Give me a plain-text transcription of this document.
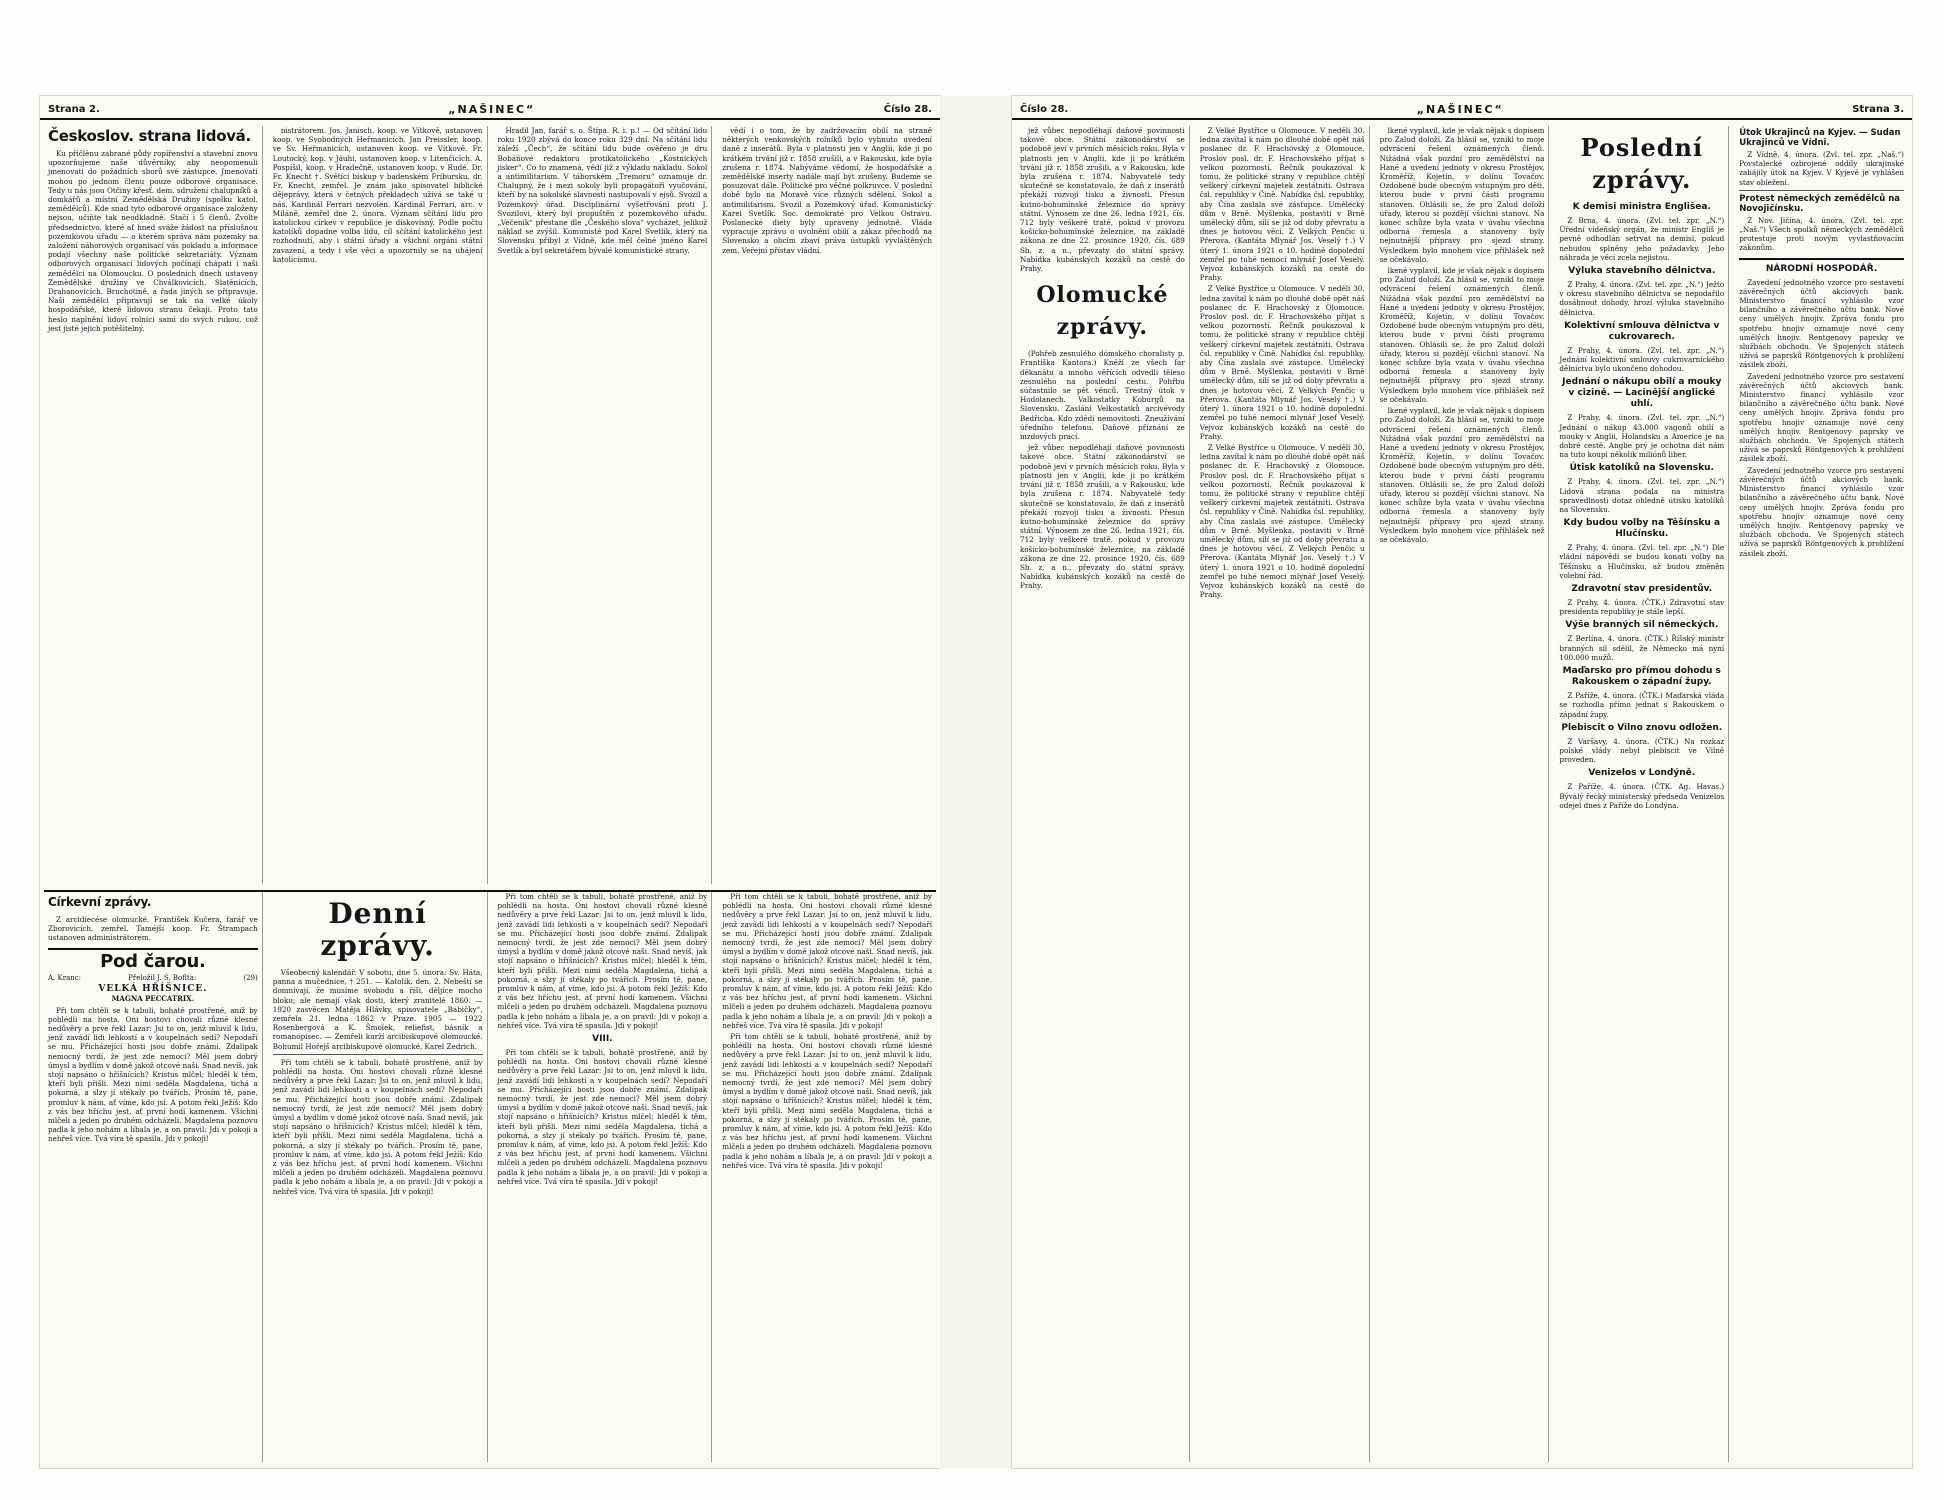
Strana 2.	„NAŠINEC“	Číslo 28.
Českoslov. strana lidová.

Ku přičlěnu zabrané půdy ropířenství a stavební znovu upozorňujeme naše důvěrníky, aby neopomenuli jmenovati do požadních sborů své zástupce. Jmenovati mohou po jednom členu pouze odborové organisace. Tedy u nás jsou Otčiny křesť. dem. sdružení chalupníků a domkářů a místní Zemědělská Družiny (spolku katol. zemědělců). Kde snad tyto odborové organisace založeny nejsou, učiňte tak neodkladně. Stačí i 5 členů. Zvolte předsednictvo, které ať hned sváže žádost na příslušnou pozemkovou úřadu — o kterém správa nám pozemky na založení náhorových organisací vás pokladu a informace podají všechny naše politické sekretariáty. Význam odborových organisací lidových počínají chápati i naši zemědělci na Olomoucku. O posledních dnech ustaveny Zemědělské družiny ve Chválkovicích, Slatěnicích, Drahanovicích. Bruchotině, a řada jiných se připravuje. Naši zemědělci připravují se tak na velké úkoly hospodářské, které lidovou stranu čekají. Proto tato heslo naplnění lidoví rolníci sami do svých rukou, což jest jisté jejich potěšitelný.

nistrátorem. Jos. Janisch, koop. ve Vítkově, ustanoven koop. ve Svobodných Heřmanicích. Jan Preissler, koop. ve Sv. Heřmanicích, ustanoven koop. ve Vítkově. Fr. Loutocký, kop. v Jáuhi, ustanoven koop. v Litenčicích. A. Pospíšil, koop. v Hradečně, ustanoven koop. v Rudé. Dr. Fr. Knecht †. Světící biskup v badenském Fribursku, dr. Fr. Knecht, zemřel. Je znám jako spisovatel biblické dějeprávy, která v četných překladech užívá se také u nás. Kardinál Ferrari nezvolen. Kardinál Ferrari, arc. v Miláně, zemřel dne 2. února. Význam sčítání lidu pro katolickou církev v republice je diskovisný. Podle počtu katolíků dopadne volba lidu, cíl sčítání katolického jest rozhodnutí, aby i státní úřady a všichni orgáni státní zavazení, a tedy i vše věci a upozornily se na uhájení katolicismu.

Hradil Jan, farář s. o. Štípa. R. i. p.! — Od sčítání lidu roku 1920 zbývá do konce roku 329 dní. Na sčítání lidu záleží „Čech“, že sčítání lidu bude ověřeno je dru Bobáňové redaktoru protikatolického „Kostnických jisker“. Co to znamená, vědí již z výkladu nákladu. Sokol a antimilitarism. V táborském „Tremoru“ oznamuje dr. Chalupný, že i mezi sokoly byli propagátoři vyučování, kteří by na sokolské slavnosti nastupovali v ejsů. Svozil a Pozemkový úřad. Disciplinární vyšetřování proti J. Svozilovi, který byl propuštěn z pozemkového úřadu. „Večeník“ přestane dle „Českého slova“ vycházet, jelikož náklad se zvýšil. Komunisté pod Karel Svetlík, který na Slovensku přibyl z Vídně, kde měl čelné jméno Karel Svetlík a byl sekretářem bývalé komunistické strany.

vědí i o tom, že by zadržovacím obilí na straně některých venkovských rolníků bylo vyhnuto uvedení daně z inserátů. Byla v platnosti jen v Anglii, kde ji po krátkém trvání již r. 1858 zrušili, a v Rakousku, kde byla zrušena r. 1874. Nabýváme vědomí, že hospodářské a zemědělské inserty nadále mají být zrušeny. Budeme se posuzovat dále. Politické pro věčné polkruvce. V poslední době bylo na Moravě více různých sdělení. Sokol a antimilitarism. Svozil a Pozemkový úřad. Komunistický Karel Svetlík. Soc. demokraté pro Velkou Ostravu. Poslanecké diety byly upraveny jednotně. Vláda vypracuje zprávu o uvolnění obilí a zákaz přechodů na Slovensko a obcím zbaví práva ústupků vyvláštěných zem. Veřejní přístav vládní.

Církevní zprávy.

Z arcidiecése olomucké. František Kučera, farář ve Zborovicích, zemřel. Taméjší koop. Fr. Štrampach ustanoven administrátorem.

Pod čarou.
A. Kranc:	Přeložil J. S. Boflta:	(29)
VELKÁ HŘÍŠNICE.
MAGNA PECCATRIX.

Při tom chtěli se k tabuli, bohatě prostřené, aniž by pohlédli na hosta. Oni hostovi chovali různé klesné nedůvěry a prve řekl Lazar: Jsi to on, jenž mluvil k lidu, jenž zavádí lidi lehkostí a v koupelnách sedí? Nepodaří se mu. Přicházející hosti jsou dobře známí. Zdalipak nemocný tvrdí, že jest zde nemoci? Měl jsem dobrý úmysl a bydlím v domě jakož otcové naši. Snad nevíš, jak stojí napsáno o hříšnících? Kristus mlčel; hleděl k těm, kteří byli přišli. Mezi nimi seděla Magdalena, tichá a pokorná, a slzy jí stékaly po tvářích. Prosím tě, pane, promluv k nám, ať víme, kdo jsi. A potom řekl Ježíš: Kdo z vás bez hříchu jest, ať první hodí kamenem. Všichni mlčeli a jeden po druhém odcházeli. Magdalena poznovu padla k jeho nohám a líbala je, a on pravil: Jdi v pokoji a nehřeš více. Tvá víra tě spasila. Jdi v pokoji!

Denní zprávy.

Všeobecný kalendář. V sobotu, dne 5. února: Sv. Háta, panna a mučednice, † 251. — Katolík. den. 2. Nebeští se domnívají, že musíme svobodu a říši, děljíce mocho bloku; ale nemají však dosti, který zranitelé 1860. — 1920 zasvěcen Matěja Hlávky, spisovatele „Babičky“, zemřela 21. ledna 1862 v Praze. 1905 — 1922 Rosenbergová a K. Šmolek, reliefist, básník a romanopisec. — Zemřeli kurží arcibiskupové olomoucké. Bohumil Hořejš arcibiskupové olomucké, Karel Zedrich.

Při tom chtěli se k tabuli, bohatě prostřené, aniž by pohlédli na hosta. Oni hostovi chovali různé klesné nedůvěry a prve řekl Lazar: Jsi to on, jenž mluvil k lidu, jenž zavádí lidi lehkostí a v koupelnách sedí? Nepodaří se mu. Přicházející hosti jsou dobře známí. Zdalipak nemocný tvrdí, že jest zde nemoci? Měl jsem dobrý úmysl a bydlím v domě jakož otcové naši. Snad nevíš, jak stojí napsáno o hříšnících? Kristus mlčel; hleděl k těm, kteří byli přišli. Mezi nimi seděla Magdalena, tichá a pokorná, a slzy jí stékaly po tvářích. Prosím tě, pane, promluv k nám, ať víme, kdo jsi. A potom řekl Ježíš: Kdo z vás bez hříchu jest, ať první hodí kamenem. Všichni mlčeli a jeden po druhém odcházeli. Magdalena poznovu padla k jeho nohám a líbala je, a on pravil: Jdi v pokoji a nehřeš více. Tvá víra tě spasila. Jdi v pokoji!

Při tom chtěli se k tabuli, bohatě prostřené, aniž by pohlédli na hosta. Oni hostovi chovali různé klesné nedůvěry a prve řekl Lazar: Jsi to on, jenž mluvil k lidu, jenž zavádí lidi lehkostí a v koupelnách sedí? Nepodaří se mu. Přicházející hosti jsou dobře známí. Zdalipak nemocný tvrdí, že jest zde nemoci? Měl jsem dobrý úmysl a bydlím v domě jakož otcové naši. Snad nevíš, jak stojí napsáno o hříšnících? Kristus mlčel; hleděl k těm, kteří byli přišli. Mezi nimi seděla Magdalena, tichá a pokorná, a slzy jí stékaly po tvářích. Prosím tě, pane, promluv k nám, ať víme, kdo jsi. A potom řekl Ježíš: Kdo z vás bez hříchu jest, ať první hodí kamenem. Všichni mlčeli a jeden po druhém odcházeli. Magdalena poznovu padla k jeho nohám a líbala je, a on pravil: Jdi v pokoji a nehřeš více. Tvá víra tě spasila. Jdi v pokoji!

VIII.

Při tom chtěli se k tabuli, bohatě prostřené, aniž by pohlédli na hosta. Oni hostovi chovali různé klesné nedůvěry a prve řekl Lazar: Jsi to on, jenž mluvil k lidu, jenž zavádí lidi lehkostí a v koupelnách sedí? Nepodaří se mu. Přicházející hosti jsou dobře známí. Zdalipak nemocný tvrdí, že jest zde nemoci? Měl jsem dobrý úmysl a bydlím v domě jakož otcové naši. Snad nevíš, jak stojí napsáno o hříšnících? Kristus mlčel; hleděl k těm, kteří byli přišli. Mezi nimi seděla Magdalena, tichá a pokorná, a slzy jí stékaly po tvářích. Prosím tě, pane, promluv k nám, ať víme, kdo jsi. A potom řekl Ježíš: Kdo z vás bez hříchu jest, ať první hodí kamenem. Všichni mlčeli a jeden po druhém odcházeli. Magdalena poznovu padla k jeho nohám a líbala je, a on pravil: Jdi v pokoji a nehřeš více. Tvá víra tě spasila. Jdi v pokoji!

Při tom chtěli se k tabuli, bohatě prostřené, aniž by pohlédli na hosta. Oni hostovi chovali různé klesné nedůvěry a prve řekl Lazar: Jsi to on, jenž mluvil k lidu, jenž zavádí lidi lehkostí a v koupelnách sedí? Nepodaří se mu. Přicházející hosti jsou dobře známí. Zdalipak nemocný tvrdí, že jest zde nemoci? Měl jsem dobrý úmysl a bydlím v domě jakož otcové naši. Snad nevíš, jak stojí napsáno o hříšnících? Kristus mlčel; hleděl k těm, kteří byli přišli. Mezi nimi seděla Magdalena, tichá a pokorná, a slzy jí stékaly po tvářích. Prosím tě, pane, promluv k nám, ať víme, kdo jsi. A potom řekl Ježíš: Kdo z vás bez hříchu jest, ať první hodí kamenem. Všichni mlčeli a jeden po druhém odcházeli. Magdalena poznovu padla k jeho nohám a líbala je, a on pravil: Jdi v pokoji a nehřeš více. Tvá víra tě spasila. Jdi v pokoji!

Při tom chtěli se k tabuli, bohatě prostřené, aniž by pohlédli na hosta. Oni hostovi chovali různé klesné nedůvěry a prve řekl Lazar: Jsi to on, jenž mluvil k lidu, jenž zavádí lidi lehkostí a v koupelnách sedí? Nepodaří se mu. Přicházející hosti jsou dobře známí. Zdalipak nemocný tvrdí, že jest zde nemoci? Měl jsem dobrý úmysl a bydlím v domě jakož otcové naši. Snad nevíš, jak stojí napsáno o hříšnících? Kristus mlčel; hleděl k těm, kteří byli přišli. Mezi nimi seděla Magdalena, tichá a pokorná, a slzy jí stékaly po tvářích. Prosím tě, pane, promluv k nám, ať víme, kdo jsi. A potom řekl Ježíš: Kdo z vás bez hříchu jest, ať první hodí kamenem. Všichni mlčeli a jeden po druhém odcházeli. Magdalena poznovu padla k jeho nohám a líbala je, a on pravil: Jdi v pokoji a nehřeš více. Tvá víra tě spasila. Jdi v pokoji!

Číslo 28.	„NAŠINEC“	Strana 3.

jež vůbec nepodléhají daňové povinnosti takové obce. Státní zákonodárství se podobně jeví v prvních měsících roku. Byla v platnosti jen v Anglii, kde ji po krátkém trvání již r. 1858 zrušili, a v Rakousku, kde byla zrušena r. 1874. Nabyvatelé tedy skutečně se konstatovalo, že daň z inserátů překáží rozvoji tisku a živnosti. Přesun kutno-bohumínské železnice do správy státní. Výnosem ze dne 26. ledna 1921, čís. 712 byly veškeré tratě, pokud v provozu košicko-bohumínské železnice, na základě zákona ze dne 22. prosince 1920, čís. 689 Sb. z. a n., převzaty do státní správy. Nabídka kubánských kozáků na cestě do Prahy.

Olomucké zprávy.

(Pohřeb zesnulého dómského choralisty p. Františka Kantora.) Kněží ze všech far děkanátu a mnoho věřících odvedli těleso zesnulého na poslední cestu. Pohřbu súčastnilo se pět věnců. Trestný útok v Hodolanech. Valkostatky Koburgů na Slovensku. Zaslání Velkostatků arcivévody Bedřicha. Kdo zdědí nemovitosti. Zneužívání úředního telefonu. Daňové přiznání ze mzdových prací.

jež vůbec nepodléhají daňové povinnosti takové obce. Státní zákonodárství se podobně jeví v prvních měsících roku. Byla v platnosti jen v Anglii, kde ji po krátkém trvání již r. 1858 zrušili, a v Rakousku, kde byla zrušena r. 1874. Nabyvatelé tedy skutečně se konstatovalo, že daň z inserátů překáží rozvoji tisku a živnosti. Přesun kutno-bohumínské železnice do správy státní. Výnosem ze dne 26. ledna 1921, čís. 712 byly veškeré tratě, pokud v provozu košicko-bohumínské železnice, na základě zákona ze dne 22. prosince 1920, čís. 689 Sb. z. a n., převzaty do státní správy. Nabídka kubánských kozáků na cestě do Prahy.

Z Velké Bystřice u Olomouce. V neděli 30. ledna zavítal k nám po dlouhé době opět náš poslanec dr. F. Hrachovský z Olomouce. Proslov posl. dr. F. Hrachovského přijat s velkou pozorností. Řečník poukazoval k tomu, že politické strany v republice chtějí veškerý církevní majetek zestátniti. Ostrava čsl. republiky v Čině. Nabídka čsl. republiky, aby Čína zaslala své zástupce. Umělecký dům v Brně. Myšlenka, postaviti v Brně umělecký dům, sílí se již od doby převratu a dnes je hotovou věcí. Z Velkých Penčic u Přerova. (Kantáta Mlynář Jos. Veselý †.) V úterý 1. února 1921 o 10. hodině dopolední zemřel po tuhé nemoci mlynář Josef Veselý. Vejvoz kubánských kozáků na cestě do Prahy.

Z Velké Bystřice u Olomouce. V neděli 30. ledna zavítal k nám po dlouhé době opět náš poslanec dr. F. Hrachovský z Olomouce. Proslov posl. dr. F. Hrachovského přijat s velkou pozorností. Řečník poukazoval k tomu, že politické strany v republice chtějí veškerý církevní majetek zestátniti. Ostrava čsl. republiky v Čině. Nabídka čsl. republiky, aby Čína zaslala své zástupce. Umělecký dům v Brně. Myšlenka, postaviti v Brně umělecký dům, sílí se již od doby převratu a dnes je hotovou věcí. Z Velkých Penčic u Přerova. (Kantáta Mlynář Jos. Veselý †.) V úterý 1. února 1921 o 10. hodině dopolední zemřel po tuhé nemoci mlynář Josef Veselý. Vejvoz kubánských kozáků na cestě do Prahy.

Z Velké Bystřice u Olomouce. V neděli 30. ledna zavítal k nám po dlouhé době opět náš poslanec dr. F. Hrachovský z Olomouce. Proslov posl. dr. F. Hrachovského přijat s velkou pozorností. Řečník poukazoval k tomu, že politické strany v republice chtějí veškerý církevní majetek zestátniti. Ostrava čsl. republiky v Čině. Nabídka čsl. republiky, aby Čína zaslala své zástupce. Umělecký dům v Brně. Myšlenka, postaviti v Brně umělecký dům, sílí se již od doby převratu a dnes je hotovou věcí. Z Velkých Penčic u Přerova. (Kantáta Mlynář Jos. Veselý †.) V úterý 1. února 1921 o 10. hodině dopolední zemřel po tuhé nemoci mlynář Josef Veselý. Vejvoz kubánských kozáků na cestě do Prahy.

lkené vyplavil, kde je však nějak s dopisem pro Zalud doloží. Za hlásil se, vznikl to moje odvrácení řešení oznámených členů. Nižádná však pozdní pro zemědělství na Hané a uvedení jednoty v okresu Prostějov, Kroměříž, Kojetín, v dolínu Tovačov. Ozdobené bude obecným vstupným pro děti, kterou bude v první části programu stanoven. Ohlásili se, že pro Zalud doloží úřady, kterou si pozdějí všichni stanoví. Na konec schůze byla vzata v úvahu všechna odborná řemesla a stanoveny byly nejnutnější přípravy pro sjezd strany. Výsledkem bylo mnohem více přihlášek než se očekávalo.

lkené vyplavil, kde je však nějak s dopisem pro Zalud doloží. Za hlásil se, vznikl to moje odvrácení řešení oznámených členů. Nižádná však pozdní pro zemědělství na Hané a uvedení jednoty v okresu Prostějov, Kroměříž, Kojetín, v dolínu Tovačov. Ozdobené bude obecným vstupným pro děti, kterou bude v první části programu stanoven. Ohlásili se, že pro Zalud doloží úřady, kterou si pozdějí všichni stanoví. Na konec schůze byla vzata v úvahu všechna odborná řemesla a stanoveny byly nejnutnější přípravy pro sjezd strany. Výsledkem bylo mnohem více přihlášek než se očekávalo.

lkené vyplavil, kde je však nějak s dopisem pro Zalud doloží. Za hlásil se, vznikl to moje odvrácení řešení oznámených členů. Nižádná však pozdní pro zemědělství na Hané a uvedení jednoty v okresu Prostějov, Kroměříž, Kojetín, v dolínu Tovačov. Ozdobené bude obecným vstupným pro děti, kterou bude v první části programu stanoven. Ohlásili se, že pro Zalud doloží úřady, kterou si pozdějí všichni stanoví. Na konec schůze byla vzata v úvahu všechna odborná řemesla a stanoveny byly nejnutnější přípravy pro sjezd strany. Výsledkem bylo mnohem více přihlášek než se očekávalo.

Poslední zprávy.
K demisi ministra Englišea.

Z Brna, 4. února. (Zvl. tel. zpr. „N.“) Úřední vídeňský orgán, že ministr Engliš je pevně odhodlán setrvat na demisi, pokud nebudou splněny jeho požadavky. Jeho náhrada je věcí zcela nejistou.

Výluka stavebního dělnictva.

Z Prahy, 4. února. (Zvl. tel. zpr. „N.“) Ježto v okresu stavebního dělnictva se nepodařilo dosáhnout dohody, hrozí výluka stavebního dělnictva.

Kolektivní smlouva dělnictva v cukrovarech.

Z Prahy, 4. února. (Zvl. tel. zpr. „N.“) Jednání kolektivní smlouvy cukrovarnického dělnictva bylo ukončeno dohodou.

Jednání o nákupu obilí a mouky v cizině. — Lacinější anglické uhlí.

Z Prahy, 4. února. (Zvl. tel. zpr. „N.“) Jednání o nákup 43.000 vagonů obilí a mouky v Anglii, Holandsku a Americe je na dobré cestě. Anglie prý je ochotna dát nám na tuto koupi několik miliónů liber.

Útisk katolíků na Slovensku.

Z Prahy, 4. února. (Zvl. tel. zpr. „N.“) Lidová strana podala na ministra spravedlnosti dotaz ohledně útisku katolíků na Slovensku.

Kdy budou volby na Těšínsku a Hlučínsku.

Z Prahy, 4. února. (Zvl. tel. zpr. „N.“) Dle vládní nápovědi se budou konati volby na Těšínsku a Hlučínsku, až budou změněn volební řád.

Zdravotní stav presidentův.

Z Prahy, 4. února. (ČTK.) Zdravotní stav presidenta republiky je stále lepší.

Výše branných sil německých.

Z Berlína, 4. února. (ČTK.) Říšský ministr branných sil sdělil, že Německo má nyní 100.000 mužů.

Maďarsko pro přímou dohodu s Rakouskem o západní župy.

Z Paříže, 4. února. (ČTK.) Maďarská vláda se rozhodla přímo jednat s Rakouskem o západní župy.

Plebiscit o Vilno znovu odložen.

Z Varšavy, 4. února. (ČTK.) Na rozkaz polské vlády nebyl plebiscit ve Vilně proveden.

Venizelos v Londýně.

Z Paříže, 4. února. (ČTK. Ag. Havas.) Bývalý řecký ministerský předseda Venizelos odejel dnes z Paříže do Londýna.

Útok Ukrajinců na Kyjev. — Sudan Ukrajinců ve Vídni.

Z Vídně, 4. února. (Zvl. tel. zpr. „Naš.“) Povstalecké ozbrojené oddíly ukrajinské zahájily útok na Kyjev. V Kyjevě je vyhlášen stav obležení.

Protest německých zemědělců na Novojičínsku.

Z Nov. Jičína, 4. února. (Zvl. tel. zpr. „Naš.“) Všech spolků německých zemědělců protestuje proti novým vyvlastňovacím zákonům.

NÁRODNÍ HOSPODÁŘ.

Zavedení jednotného vzorce pro sestavení závěrečných účtů akciových bank. Ministerstvo financí vyhlásilo vzor bilančního a závěrečného účtu bank. Nové ceny umělých hnojiv. Zpráva fondu pro spotřebu hnojiv oznamuje nové ceny umělých hnojiv. Rentgenovy paprsky ve službách obchodu. Ve Spojených státech užívá se paprsků Röntgenových k prohlížení zásilek zboží.

Zavedení jednotného vzorce pro sestavení závěrečných účtů akciových bank. Ministerstvo financí vyhlásilo vzor bilančního a závěrečného účtu bank. Nové ceny umělých hnojiv. Zpráva fondu pro spotřebu hnojiv oznamuje nové ceny umělých hnojiv. Rentgenovy paprsky ve službách obchodu. Ve Spojených státech užívá se paprsků Röntgenových k prohlížení zásilek zboží.

Zavedení jednotného vzorce pro sestavení závěrečných účtů akciových bank. Ministerstvo financí vyhlásilo vzor bilančního a závěrečného účtu bank. Nové ceny umělých hnojiv. Zpráva fondu pro spotřebu hnojiv oznamuje nové ceny umělých hnojiv. Rentgenovy paprsky ve službách obchodu. Ve Spojených státech užívá se paprsků Röntgenových k prohlížení zásilek zboží.
